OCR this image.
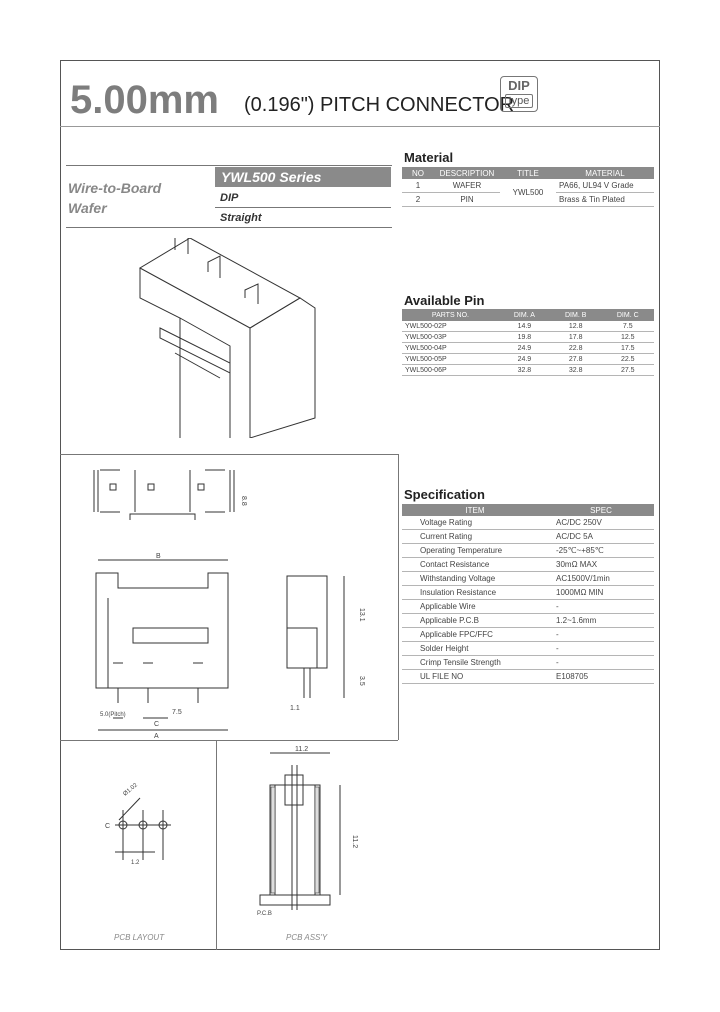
5.00mm (0.196") PITCH CONNECTOR
DIP
type
Wire-to-Board
Wafer
YWL500 Series
DIP
Straight
8.8
B
5.0(Pitch)	7.5
C
A
13.1
3.5
1.1
C
Ø1.02
1.2
PCB LAYOUT
11.2
11.2
P.C.B
PCB ASS'Y
Material
NO	DESCRIPTION	TITLE	MATERIAL
1	WAFER	YWL500	PA66, UL94 V Grade
2	PIN		Brass & Tin Plated
Available Pin
PARTS NO.	DIM. A	DIM. B	DIM. C
YWL500-02P	14.9	12.8	7.5
YWL500-03P	19.8	17.8	12.5
YWL500-04P	24.9	22.8	17.5
YWL500-05P	24.9	27.8	22.5
YWL500-06P	32.8	32.8	27.5
Specification
ITEM	SPEC
Voltage Rating	AC/DC 250V
Current Rating	AC/DC 5A
Operating Temperature	-25℃~+85℃
Contact Resistance	30mΩ MAX
Withstanding Voltage	AC1500V/1min
Insulation Resistance	1000MΩ MIN
Applicable Wire	-
Applicable P.C.B	1.2~1.6mm
Applicable FPC/FFC	-
Solder Height	-
Crimp Tensile Strength	-
UL FILE NO	E108705
